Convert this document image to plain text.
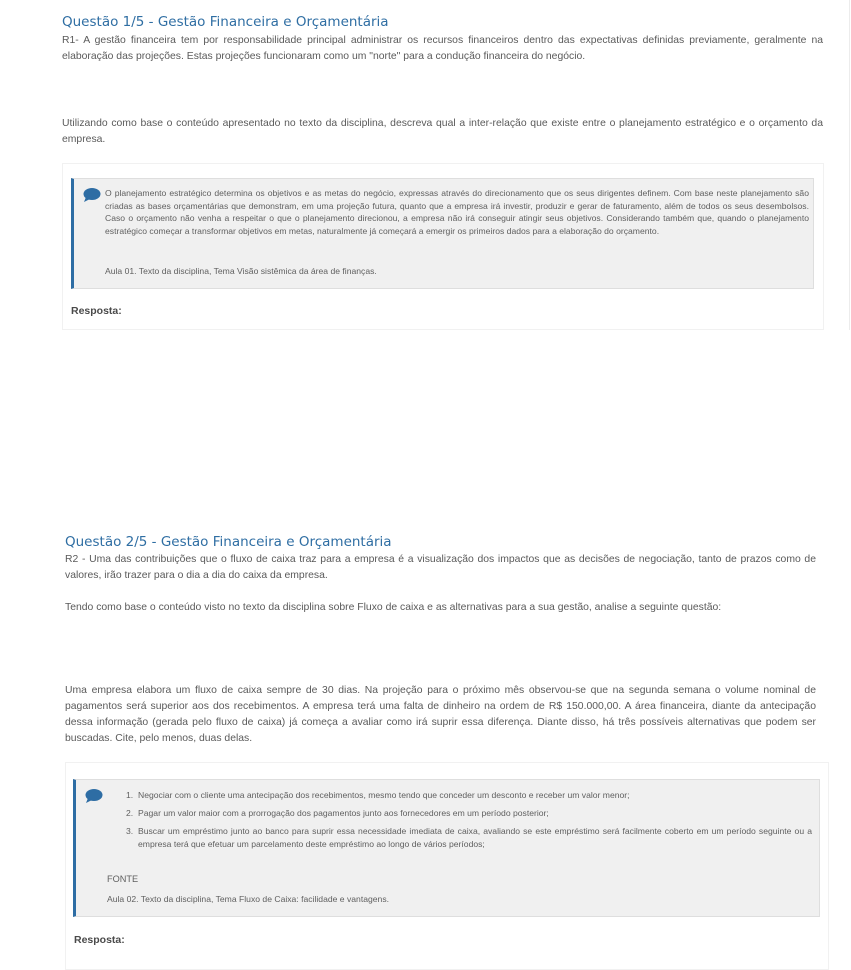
Questão 1/5 - Gestão Financeira e Orçamentária

R1- A gestão financeira tem por responsabilidade principal administrar os recursos financeiros dentro das expectativas definidas previamente, geralmente na elaboração das projeções. Estas projeções funcionaram como um "norte" para a condução financeira do negócio.

Utilizando como base o conteúdo apresentado no texto da disciplina, descreva qual a inter-relação que existe entre o planejamento estratégico e o orçamento da empresa.

O planejamento estratégico determina os objetivos e as metas do negócio, expressas através do direcionamento que os seus dirigentes definem. Com base neste planejamento são criadas as bases orçamentárias que demonstram, em uma projeção futura, quanto que a empresa irá investir, produzir e gerar de faturamento, além de todos os seus desembolsos. Caso o orçamento não venha a respeitar o que o planejamento direcionou, a empresa não irá conseguir atingir seus objetivos. Considerando também que, quando o planejamento estratégico começar a transformar objetivos em metas, naturalmente já começará a emergir os primeiros dados para a elaboração do orçamento.

Aula 01. Texto da disciplina, Tema Visão sistêmica da área de finanças.

Resposta:

Questão 2/5 - Gestão Financeira e Orçamentária

R2 - Uma das contribuições que o fluxo de caixa traz para a empresa é a visualização dos impactos que as decisões de negociação, tanto de prazos como de valores, irão trazer para o dia a dia do caixa da empresa.

Tendo como base o conteúdo visto no texto da disciplina sobre Fluxo de caixa e as alternativas para a sua gestão, analise a seguinte questão:

Uma empresa elabora um fluxo de caixa sempre de 30 dias. Na projeção para o próximo mês observou-se que na segunda semana o volume nominal de pagamentos será superior aos dos recebimentos. A empresa terá uma falta de dinheiro na ordem de R$ 150.000,00. A área financeira, diante da antecipação dessa informação (gerada pelo fluxo de caixa) já começa a avaliar como irá suprir essa diferença. Diante disso, há três possíveis alternativas que podem ser buscadas. Cite, pelo menos, duas delas.

1. Negociar com o cliente uma antecipação dos recebimentos, mesmo tendo que conceder um desconto e receber um valor menor;
2. Pagar um valor maior com a prorrogação dos pagamentos junto aos fornecedores em um período posterior;
3. Buscar um empréstimo junto ao banco para suprir essa necessidade imediata de caixa, avaliando se este empréstimo será facilmente coberto em um período seguinte ou a empresa terá que efetuar um parcelamento deste empréstimo ao longo de vários períodos;

FONTE

Aula 02. Texto da disciplina, Tema Fluxo de Caixa: facilidade e vantagens.

Resposta:
